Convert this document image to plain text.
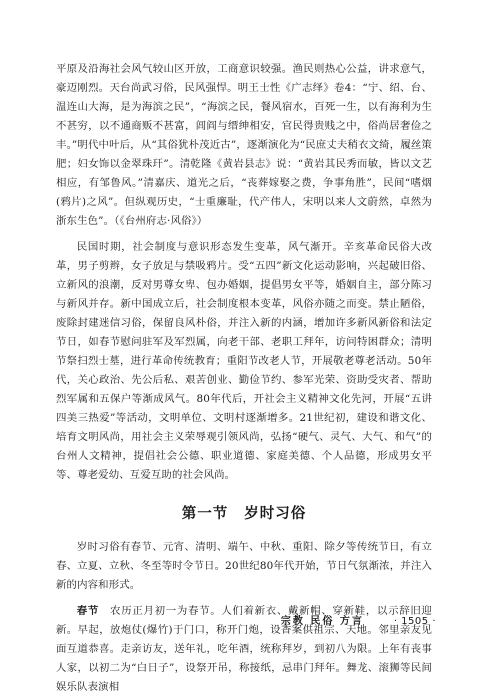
平原及沿海社会风气较山区开放，工商意识较强。渔民则热心公益，讲求意气，豪迈刚烈。天台尚武习俗，民风强悍。明王士性《广志绎》卷4：“宁、绍、台、温连山大海，是为海滨之民”，“海滨之民，餐风宿水，百死一生，以有海利为生不甚穷，以不通商贩不甚富，闾阎与缙绅相安，官民得贵贱之中，俗尚居奢俭之丰。”明代中叶后，从“其俗犹朴茂近古”，逐渐演化为“民庶丈夫稍衣文绮，履丝策肥；妇女饰以金翠珠玕”。清乾隆《黄岩县志》说：“黄岩其民秀而敏，皆以文艺相应，有邹鲁风。”清嘉庆、道光之后，“丧葬嫁娶之费，争事角胜”，民间“嗜烟(鸦片)之风”。但纵观历史，“士重廉耻，代产伟人，宋明以来人文蔚然，卓然为浙东生色”。（《台州府志·风俗》）

民国时期，社会制度与意识形态发生变革，风气渐开。辛亥革命民俗大改革，男子剪辫，女子放足与禁吸鸦片。受“五四”新文化运动影响，兴起破旧俗、立新风的浪潮，反对男尊女卑、包办婚姻，提倡男女平等，婚姻自主，部分陈习与新风并存。新中国成立后，社会制度根本变革，风俗亦随之而变。禁止陋俗，废除封建迷信习俗，保留良风朴俗，并注入新的内涵，增加许多新风新俗和法定节日，如春节慰问驻军及军烈属，向老干部、老职工拜年，访问特困群众；清明节祭扫烈士墓，进行革命传统教育；重阳节改老人节，开展敬老尊老活动。50年代，关心政治、先公后私、艰苦创业、勤俭节约、参军光荣、资助受灾者、帮助烈军属和五保户等渐成风气。80年代后，开社会主义精神文化先河，开展“五讲四美三热爱”等活动，文明单位、文明村逐渐增多。21世纪初，建设和谐文化、培育文明风尚，用社会主义荣辱观引领风尚，弘扬“硬气、灵气、大气、和气”的台州人文精神，提倡社会公德、职业道德、家庭美德、个人品德，形成男女平等、尊老爱幼、互爱互助的社会风尚。

第一节 岁时习俗

岁时习俗有春节、元宵、清明、端午、中秋、重阳、除夕等传统节日，有立春、立夏、立秋、冬至等时令节日。20世纪80年代开始，节日气氛渐浓，并注入新的内容和形式。

春节　 农历正月初一为春节。人们着新衣、戴新帽、穿新鞋，以示辞旧迎新。早起，放炮仗(爆竹)于门口，称开门炮，设香案供祖宗、天地。邻里亲友见面互道恭喜。走亲访友，送年礼，吃年酒，统称拜岁，到初八为限。上年有丧事人家，以初二为“白日子”，设祭开吊，称接纸，忌串门拜年。舞龙、滚狮等民间娱乐队表演相

宗教 民俗 方言	· 1505 ·
